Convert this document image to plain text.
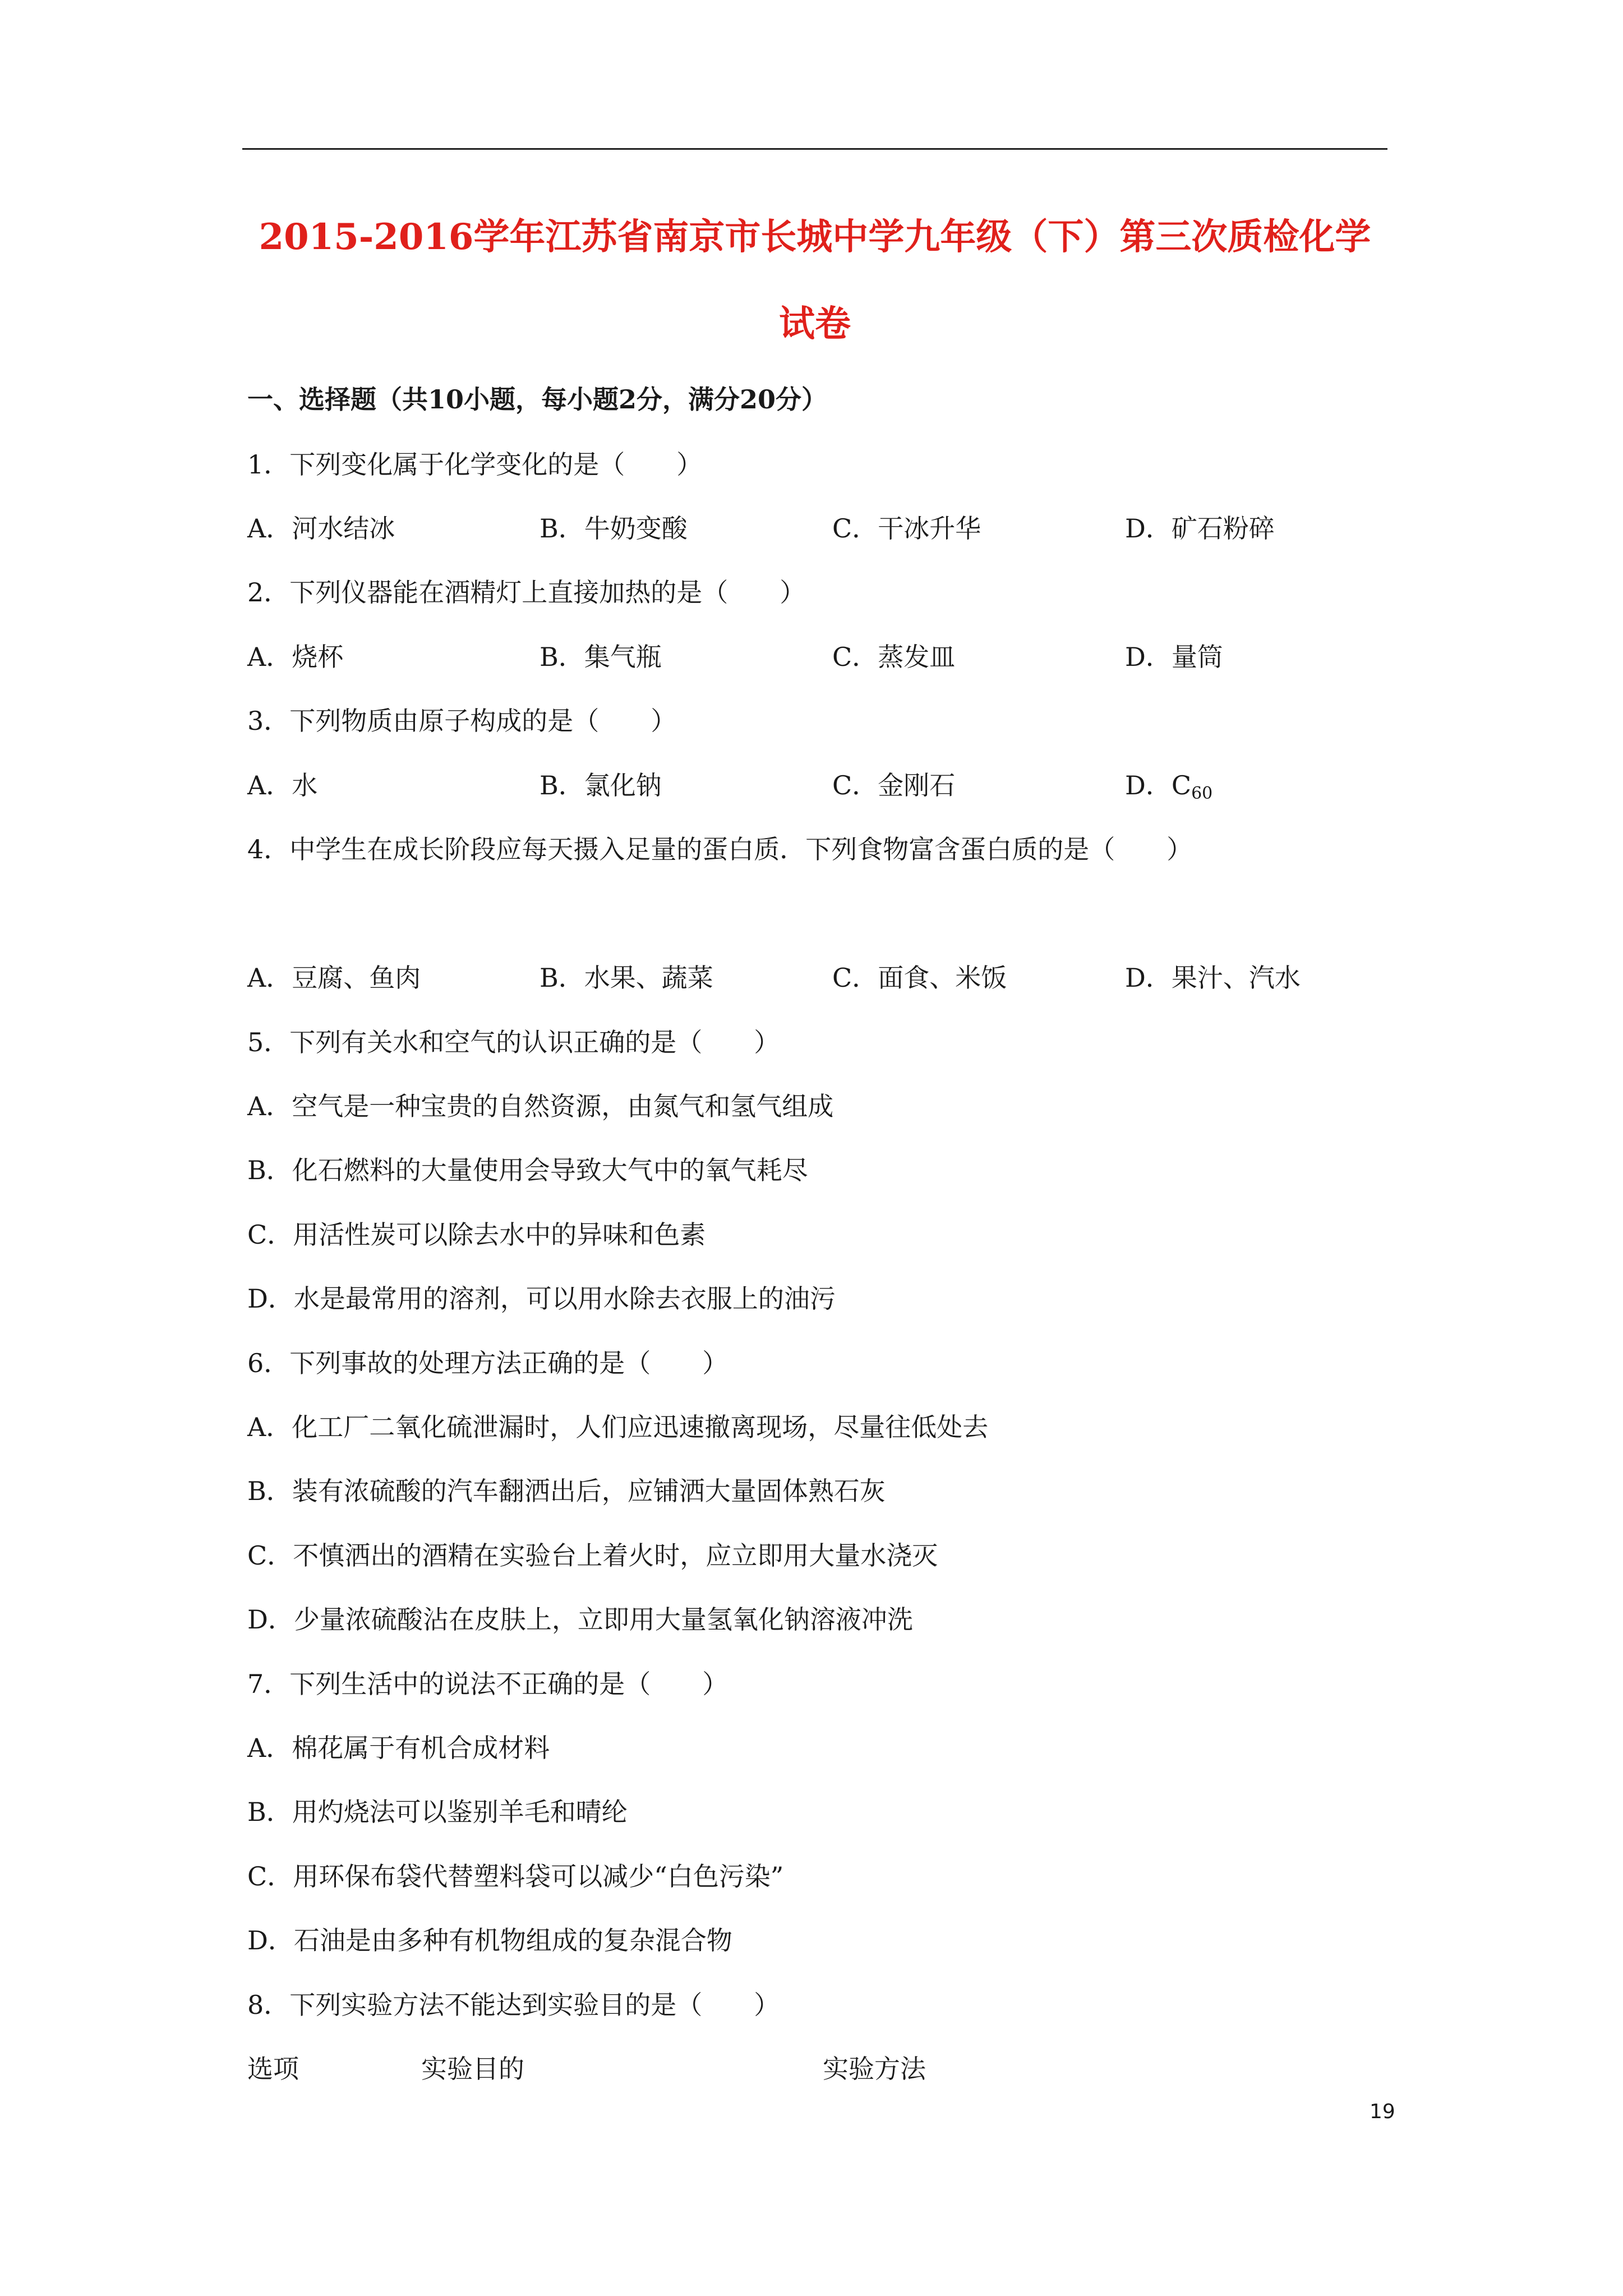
2015-2016学年江苏省南京市长城中学九年级（下）第三次质检化学
试卷
一、选择题（共10小题，每小题2分，满分20分）
1．下列变化属于化学变化的是（　　）
A．河水结冰	B．牛奶变酸	C．干冰升华	D．矿石粉碎
2．下列仪器能在酒精灯上直接加热的是（　　）
A．烧杯	B．集气瓶	C．蒸发皿	D．量筒
3．下列物质由原子构成的是（　　）
A．水	B．氯化钠	C．金刚石	D．$C_{60}$
4．中学生在成长阶段应每天摄入足量的蛋白质．下列食物富含蛋白质的是（　　）
A．豆腐、鱼肉	B．水果、蔬菜	C．面食、米饭	D．果汁、汽水
5．下列有关水和空气的认识正确的是（　　）
A．空气是一种宝贵的自然资源，由氮气和氢气组成
B．化石燃料的大量使用会导致大气中的氧气耗尽
C．用活性炭可以除去水中的异味和色素
D．水是最常用的溶剂，可以用水除去衣服上的油污
6．下列事故的处理方法正确的是（　　）
A．化工厂二氧化硫泄漏时，人们应迅速撤离现场，尽量往低处去
B．装有浓硫酸的汽车翻洒出后，应铺洒大量固体熟石灰
C．不慎洒出的酒精在实验台上着火时，应立即用大量水浇灭
D．少量浓硫酸沾在皮肤上，立即用大量氢氧化钠溶液冲洗
7．下列生活中的说法不正确的是（　　）
A．棉花属于有机合成材料
B．用灼烧法可以鉴别羊毛和晴纶
C．用环保布袋代替塑料袋可以减少“白色污染”
D．石油是由多种有机物组成的复杂混合物
8．下列实验方法不能达到实验目的是（　　）
选项	实验目的	实验方法
19
